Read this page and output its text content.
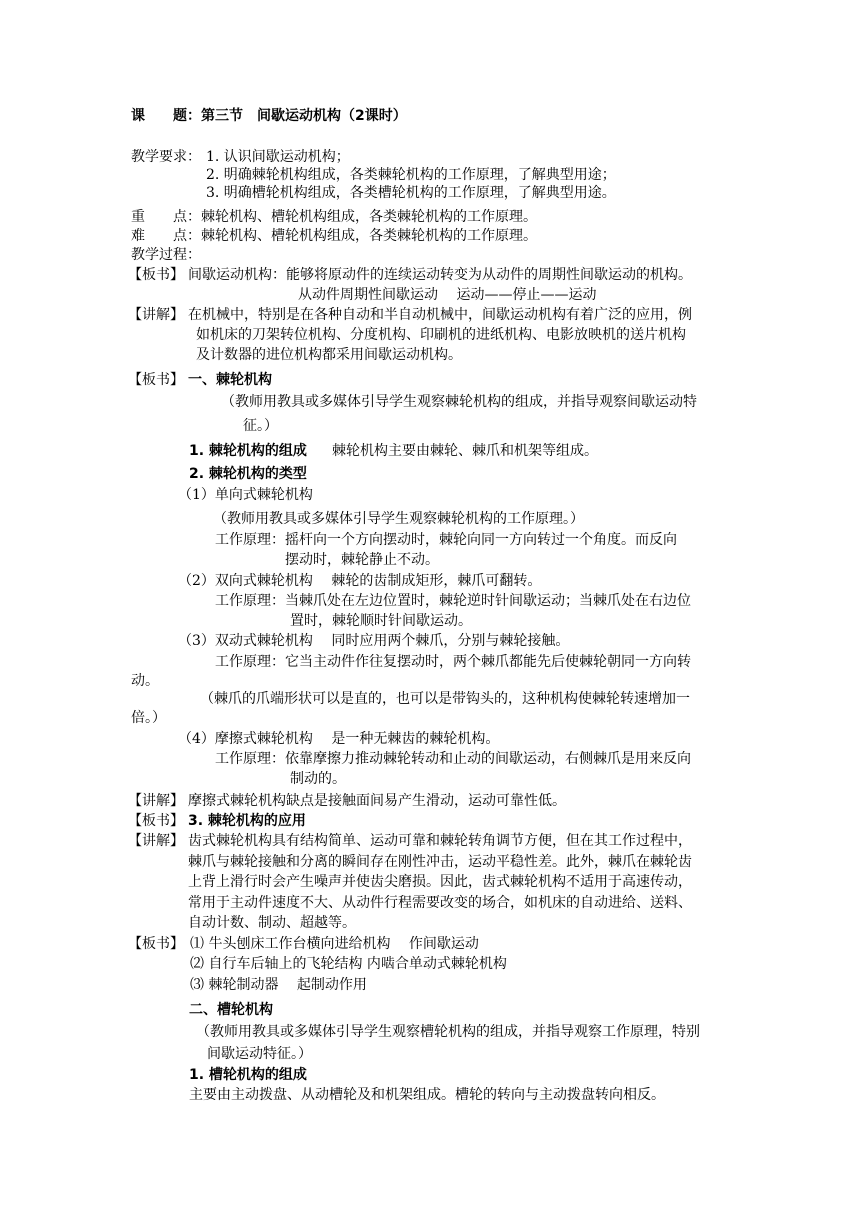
课　　题：第三节　间歇运动机构（2课时）
教学要求： 1. 认识间歇运动机构；
2. 明确棘轮机构组成，各类棘轮机构的工作原理，了解典型用途；
3. 明确槽轮机构组成，各类槽轮机构的工作原理，了解典型用途。
重　　点：棘轮机构、槽轮机构组成，各类棘轮机构的工作原理。
难　　点：棘轮机构、槽轮机构组成，各类棘轮机构的工作原理。
教学过程：
【板书】 间歇运动机构：能够将原动件的连续运动转变为从动件的周期性间歇运动的机构。
从动件周期性间歇运动　 运动——停止——运动
【讲解】 在机械中，特别是在各种自动和半自动机械中，间歇运动机构有着广泛的应用，例
如机床的刀架转位机构、分度机构、印刷机的进纸机构、电影放映机的送片机构
及计数器的进位机构都采用间歇运动机构。
【板书】 一、棘轮机构
（教师用教具或多媒体引导学生观察棘轮机构的组成，并指导观察间歇运动特
征。）
1. 棘轮机构的组成 棘轮机构主要由棘轮、棘爪和机架等组成。
2. 棘轮机构的类型
（1）单向式棘轮机构
（教师用教具或多媒体引导学生观察棘轮机构的工作原理。）
工作原理：摇杆向一个方向摆动时，棘轮向同一方向转过一个角度。而反向
摆动时，棘轮静止不动。
（2）双向式棘轮机构　 棘轮的齿制成矩形，棘爪可翻转。
工作原理：当棘爪处在左边位置时，棘轮逆时针间歇运动；当棘爪处在右边位
置时，棘轮顺时针间歇运动。
（3）双动式棘轮机构　 同时应用两个棘爪，分别与棘轮接触。
工作原理：它当主动件作往复摆动时，两个棘爪都能先后使棘轮朝同一方向转
动。
（棘爪的爪端形状可以是直的，也可以是带钩头的，这种机构使棘轮转速增加一
倍。）
（4）摩擦式棘轮机构　 是一种无棘齿的棘轮机构。
工作原理：依靠摩擦力推动棘轮转动和止动的间歇运动，右侧棘爪是用来反向
制动的。
【讲解】 摩擦式棘轮机构缺点是接触面间易产生滑动，运动可靠性低。
【板书】 3. 棘轮机构的应用
【讲解】 齿式棘轮机构具有结构简单、运动可靠和棘轮转角调节方便，但在其工作过程中，
棘爪与棘轮接触和分离的瞬间存在刚性冲击，运动平稳性差。此外，棘爪在棘轮齿
上背上滑行时会产生噪声并使齿尖磨损。因此，齿式棘轮机构不适用于高速传动，
常用于主动件速度不大、从动件行程需要改变的场合，如机床的自动进给、送料、
自动计数、制动、超越等。
【板书】 ⑴ 牛头刨床工作台横向进给机构　 作间歇运动
⑵ 自行车后轴上的飞轮结构 内啮合单动式棘轮机构
⑶ 棘轮制动器　 起制动作用
二、槽轮机构
（教师用教具或多媒体引导学生观察槽轮机构的组成，并指导观察工作原理，特别
间歇运动特征。）
1. 槽轮机构的组成
主要由主动拨盘、从动槽轮及和机架组成。槽轮的转向与主动拨盘转向相反。
